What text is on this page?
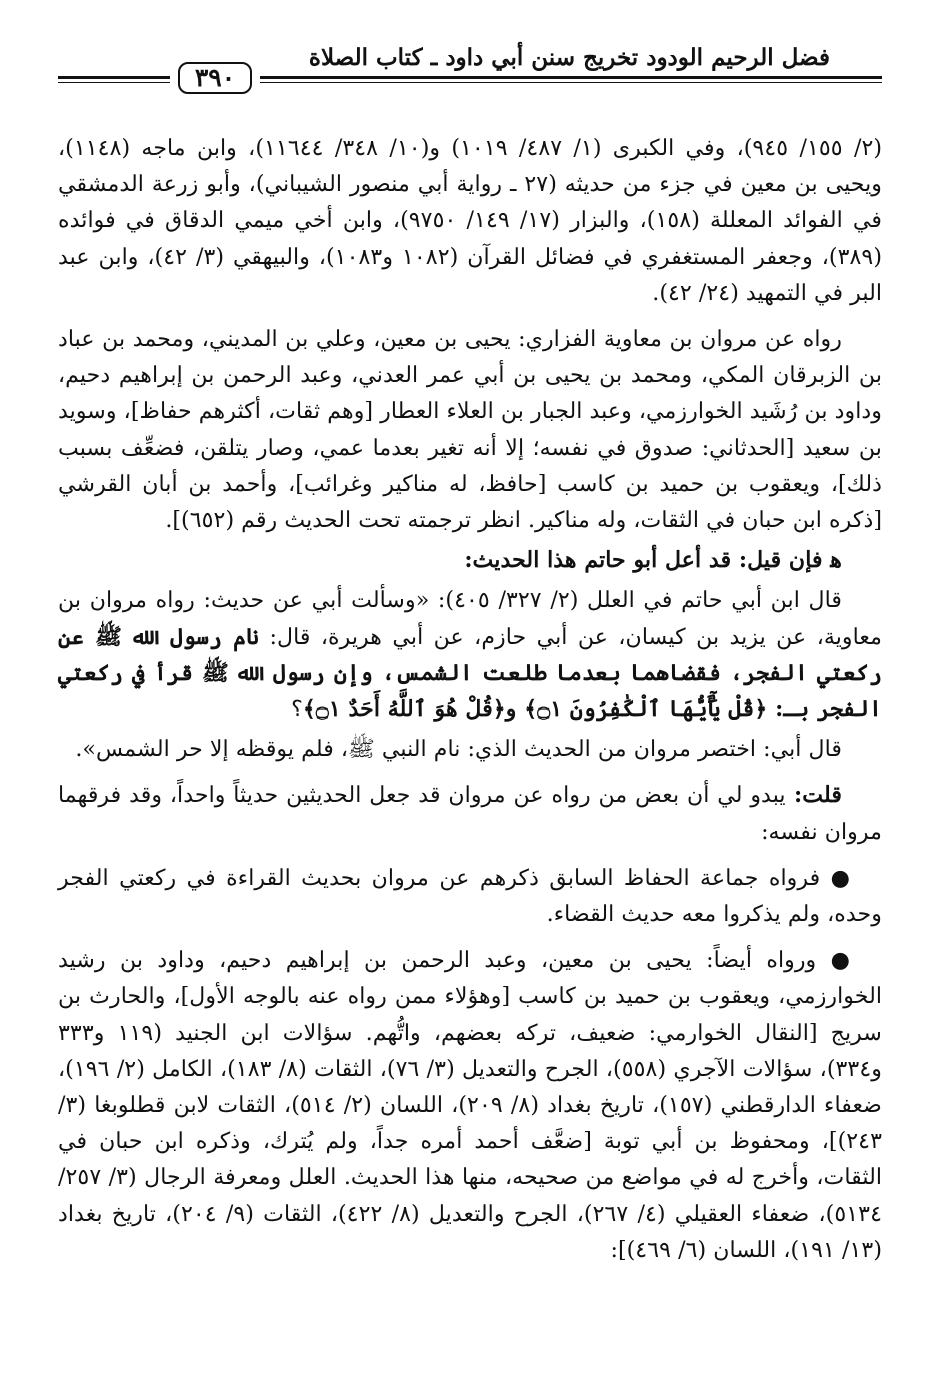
فضل الرحيم الودود تخريج سنن أبي داود ـ كتاب الصلاة
٣٩٠

(٢/ ١٥٥/ ٩٤٥)، وفي الكبرى (١/ ٤٨٧/ ١٠١٩) و(١٠/ ٣٤٨/ ١١٦٤٤)، وابن ماجه (١١٤٨)، ويحيى بن معين في جزء من حديثه (٢٧ ـ رواية أبي منصور الشيباني)، وأبو زرعة الدمشقي في الفوائد المعللة (١٥٨)، والبزار (١٧/ ١٤٩/ ٩٧٥٠)، وابن أخي ميمي الدقاق في فوائده (٣٨٩)، وجعفر المستغفري في فضائل القرآن (١٠٨٢ و١٠٨٣)، والبيهقي (٣/ ٤٢)، وابن عبد البر في التمهيد (٢٤/ ٤٢).

رواه عن مروان بن معاوية الفزاري: يحيى بن معين، وعلي بن المديني، ومحمد بن عباد بن الزبرقان المكي، ومحمد بن يحيى بن أبي عمر العدني، وعبد الرحمن بن إبراهيم دحيم، وداود بن رُشَيد الخوارزمي، وعبد الجبار بن العلاء العطار [وهم ثقات، أكثرهم حفاظ]، وسويد بن سعيد [الحدثاني: صدوق في نفسه؛ إلا أنه تغير بعدما عمي، وصار يتلقن، فضعِّف بسبب ذلك]، ويعقوب بن حميد بن كاسب [حافظ، له مناكير وغرائب]، وأحمد بن أبان القرشي [ذكره ابن حبان في الثقات، وله مناكير. انظر ترجمته تحت الحديث رقم (٦٥٢)].

ﻫ فإن قيل: قد أعل أبو حاتم هذا الحديث:

قال ابن أبي حاتم في العلل (٢/ ٣٢٧/ ٤٠٥): «وسألت أبي عن حديث: رواه مروان بن معاوية، عن يزيد بن كيسان، عن أبي حازم، عن أبي هريرة، قال: نام رسول الله ﷺ عن ركعتي الفجر، فقضاهما بعدما طلعت الشمس، وإن رسول الله ﷺ قرأ في ركعتي الفجر بـ: ﴿قُلْ يَٰٓأَيُّهَا ٱلْكَٰفِرُونَ ۝١﴾ و﴿قُلْ هُوَ ٱللَّهُ أَحَدٌ ۝١﴾؟

قال أبي: اختصر مروان من الحديث الذي: نام النبي ﷺ، فلم يوقظه إلا حر الشمس».

قلت: يبدو لي أن بعض من رواه عن مروان قد جعل الحديثين حديثاً واحداً، وقد فرقهما مروان نفسه:

● فرواه جماعة الحفاظ السابق ذكرهم عن مروان بحديث القراءة في ركعتي الفجر وحده، ولم يذكروا معه حديث القضاء.

● ورواه أيضاً: يحيى بن معين، وعبد الرحمن بن إبراهيم دحيم، وداود بن رشيد الخوارزمي، ويعقوب بن حميد بن كاسب [وهؤلاء ممن رواه عنه بالوجه الأول]، والحارث بن سريج [النقال الخوارمي: ضعيف، تركه بعضهم، واتُّهم. سؤالات ابن الجنيد (١١٩ و٣٣٣ و٣٣٤)، سؤالات الآجري (٥٥٨)، الجرح والتعديل (٣/ ٧٦)، الثقات (٨/ ١٨٣)، الكامل (٢/ ١٩٦)، ضعفاء الدارقطني (١٥٧)، تاريخ بغداد (٨/ ٢٠٩)، اللسان (٢/ ٥١٤)، الثقات لابن قطلوبغا (٣/ ٢٤٣)]، ومحفوظ بن أبي توبة [ضعَّف أحمد أمره جداً، ولم يُترك، وذكره ابن حبان في الثقات، وأخرج له في مواضع من صحيحه، منها هذا الحديث. العلل ومعرفة الرجال (٣/ ٢٥٧/ ٥١٣٤)، ضعفاء العقيلي (٤/ ٢٦٧)، الجرح والتعديل (٨/ ٤٢٢)، الثقات (٩/ ٢٠٤)، تاريخ بغداد (١٣/ ١٩١)، اللسان (٦/ ٤٦٩)]:
